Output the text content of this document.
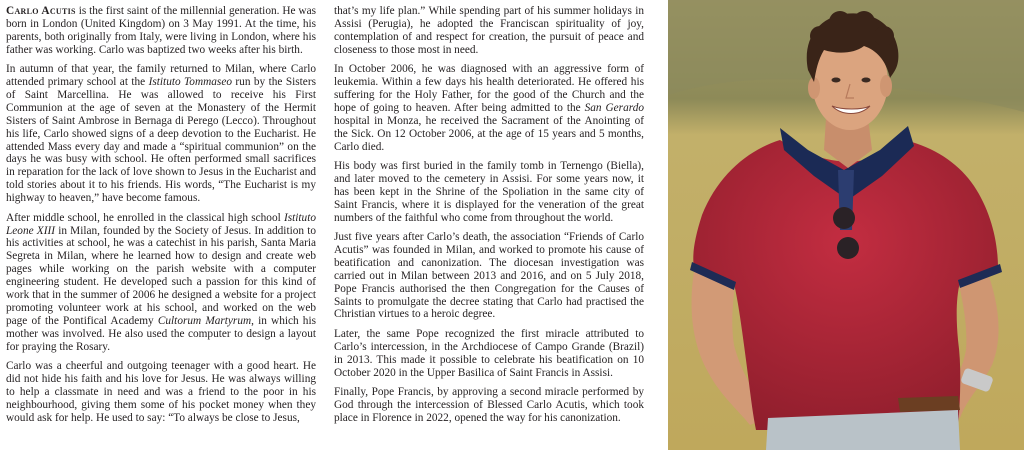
Carlo Acutis is the first saint of the millennial generation. He was born in London (United Kingdom) on 3 May 1991. At the time, his parents, both originally from Italy, were living in London, where his father was working. Carlo was baptized two weeks after his birth.

In autumn of that year, the family returned to Milan, where Carlo attended primary school at the Istituto Tommaseo run by the Sisters of Saint Marcellina. He was allowed to receive his First Communion at the age of seven at the Monastery of the Hermit Sisters of Saint Ambrose in Bernaga di Perego (Lecco). Throughout his life, Carlo showed signs of a deep devotion to the Eucharist. He attended Mass every day and made a “spiritual communion” on the days he was busy with school. He often performed small sacrifices in reparation for the lack of love shown to Jesus in the Eucharist and told stories about it to his friends. His words, “The Eucharist is my highway to heaven,” have become famous.

After middle school, he enrolled in the classical high school Istituto Leone XIII in Milan, founded by the Society of Jesus. In addition to his activities at school, he was a catechist in his parish, Santa Maria Segreta in Milan, where he learned how to design and create web pages while working on the parish website with a computer engineering student. He developed such a passion for this kind of work that in the summer of 2006 he designed a website for a project promoting volunteer work at his school, and worked on the web page of the Pontifical Academy Cultorum Martyrum, in which his mother was involved. He also used the computer to design a layout for praying the Rosary.

Carlo was a cheerful and outgoing teenager with a good heart. He did not hide his faith and his love for Jesus. He was always willing to help a classmate in need and was a friend to the poor in his neighbourhood, giving them some of his pocket money when they would ask for help. He used to say: “To always be close to Jesus,

that’s my life plan.” While spending part of his summer holidays in Assisi (Perugia), he adopted the Franciscan spirituality of joy, contemplation of and respect for creation, the pursuit of peace and closeness to those most in need.

In October 2006, he was diagnosed with an aggressive form of leukemia. Within a few days his health deteriorated. He offered his suffering for the Holy Father, for the good of the Church and the hope of going to heaven. After being admitted to the San Gerardo hospital in Monza, he received the Sacrament of the Anointing of the Sick. On 12 October 2006, at the age of 15 years and 5 months, Carlo died.

His body was first buried in the family tomb in Ternengo (Biella), and later moved to the cemetery in Assisi. For some years now, it has been kept in the Shrine of the Spoliation in the same city of Saint Francis, where it is displayed for the veneration of the great numbers of the faithful who come from throughout the world.

Just five years after Carlo’s death, the association “Friends of Carlo Acutis” was founded in Milan, and worked to promote his cause of beatification and canonization. The diocesan investigation was carried out in Milan between 2013 and 2016, and on 5 July 2018, Pope Francis authorised the then Congregation for the Causes of Saints to promulgate the decree stating that Carlo had practised the Christian virtues to a heroic degree.

Later, the same Pope recognized the first miracle attributed to Carlo’s intercession, in the Archdiocese of Campo Grande (Brazil) in 2013. This made it possible to celebrate his beatification on 10 October 2020 in the Upper Basilica of Saint Francis in Assisi.

Finally, Pope Francis, by approving a second miracle performed by God through the intercession of Blessed Carlo Acutis, which took place in Florence in 2022, opened the way for his canonization.
